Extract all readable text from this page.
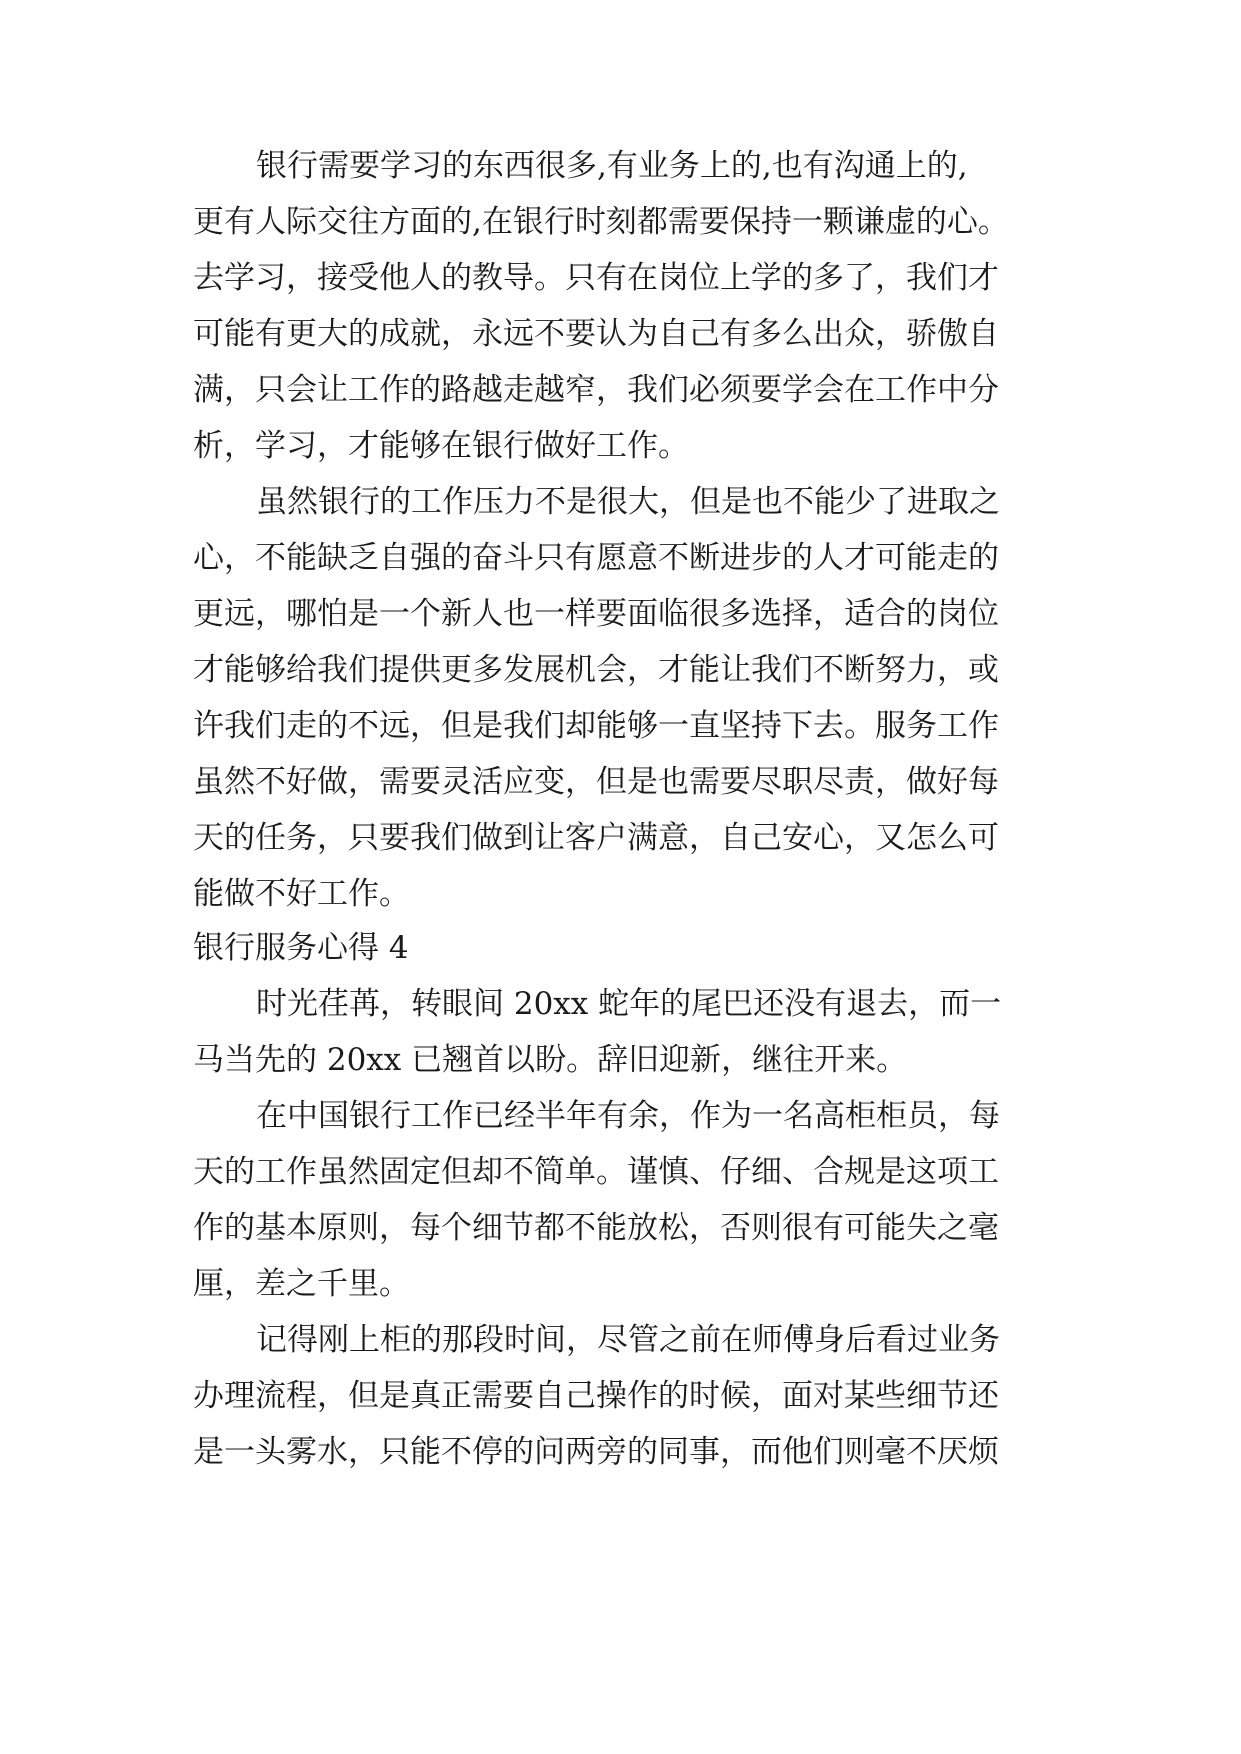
银行需要学习的东西很多,有业务上的,也有沟通上的,
更有人际交往方面的,在银行时刻都需要保持一颗谦虚的心。
去学习，接受他人的教导。只有在岗位上学的多了，我们才
可能有更大的成就，永远不要认为自己有多么出众，骄傲自
满，只会让工作的路越走越窄，我们必须要学会在工作中分
析，学习，才能够在银行做好工作。
虽然银行的工作压力不是很大，但是也不能少了进取之
心，不能缺乏自强的奋斗只有愿意不断进步的人才可能走的
更远，哪怕是一个新人也一样要面临很多选择，适合的岗位
才能够给我们提供更多发展机会，才能让我们不断努力，或
许我们走的不远，但是我们却能够一直坚持下去。服务工作
虽然不好做，需要灵活应变，但是也需要尽职尽责，做好每
天的任务，只要我们做到让客户满意，自己安心，又怎么可
能做不好工作。
银行服务心得 4
时光荏苒，转眼间 20xx 蛇年的尾巴还没有退去，而一
马当先的 20xx 已翘首以盼。辞旧迎新，继往开来。
在中国银行工作已经半年有余，作为一名高柜柜员，每
天的工作虽然固定但却不简单。谨慎、仔细、合规是这项工
作的基本原则，每个细节都不能放松，否则很有可能失之毫
厘，差之千里。
记得刚上柜的那段时间，尽管之前在师傅身后看过业务
办理流程，但是真正需要自己操作的时候，面对某些细节还
是一头雾水，只能不停的问两旁的同事，而他们则毫不厌烦
